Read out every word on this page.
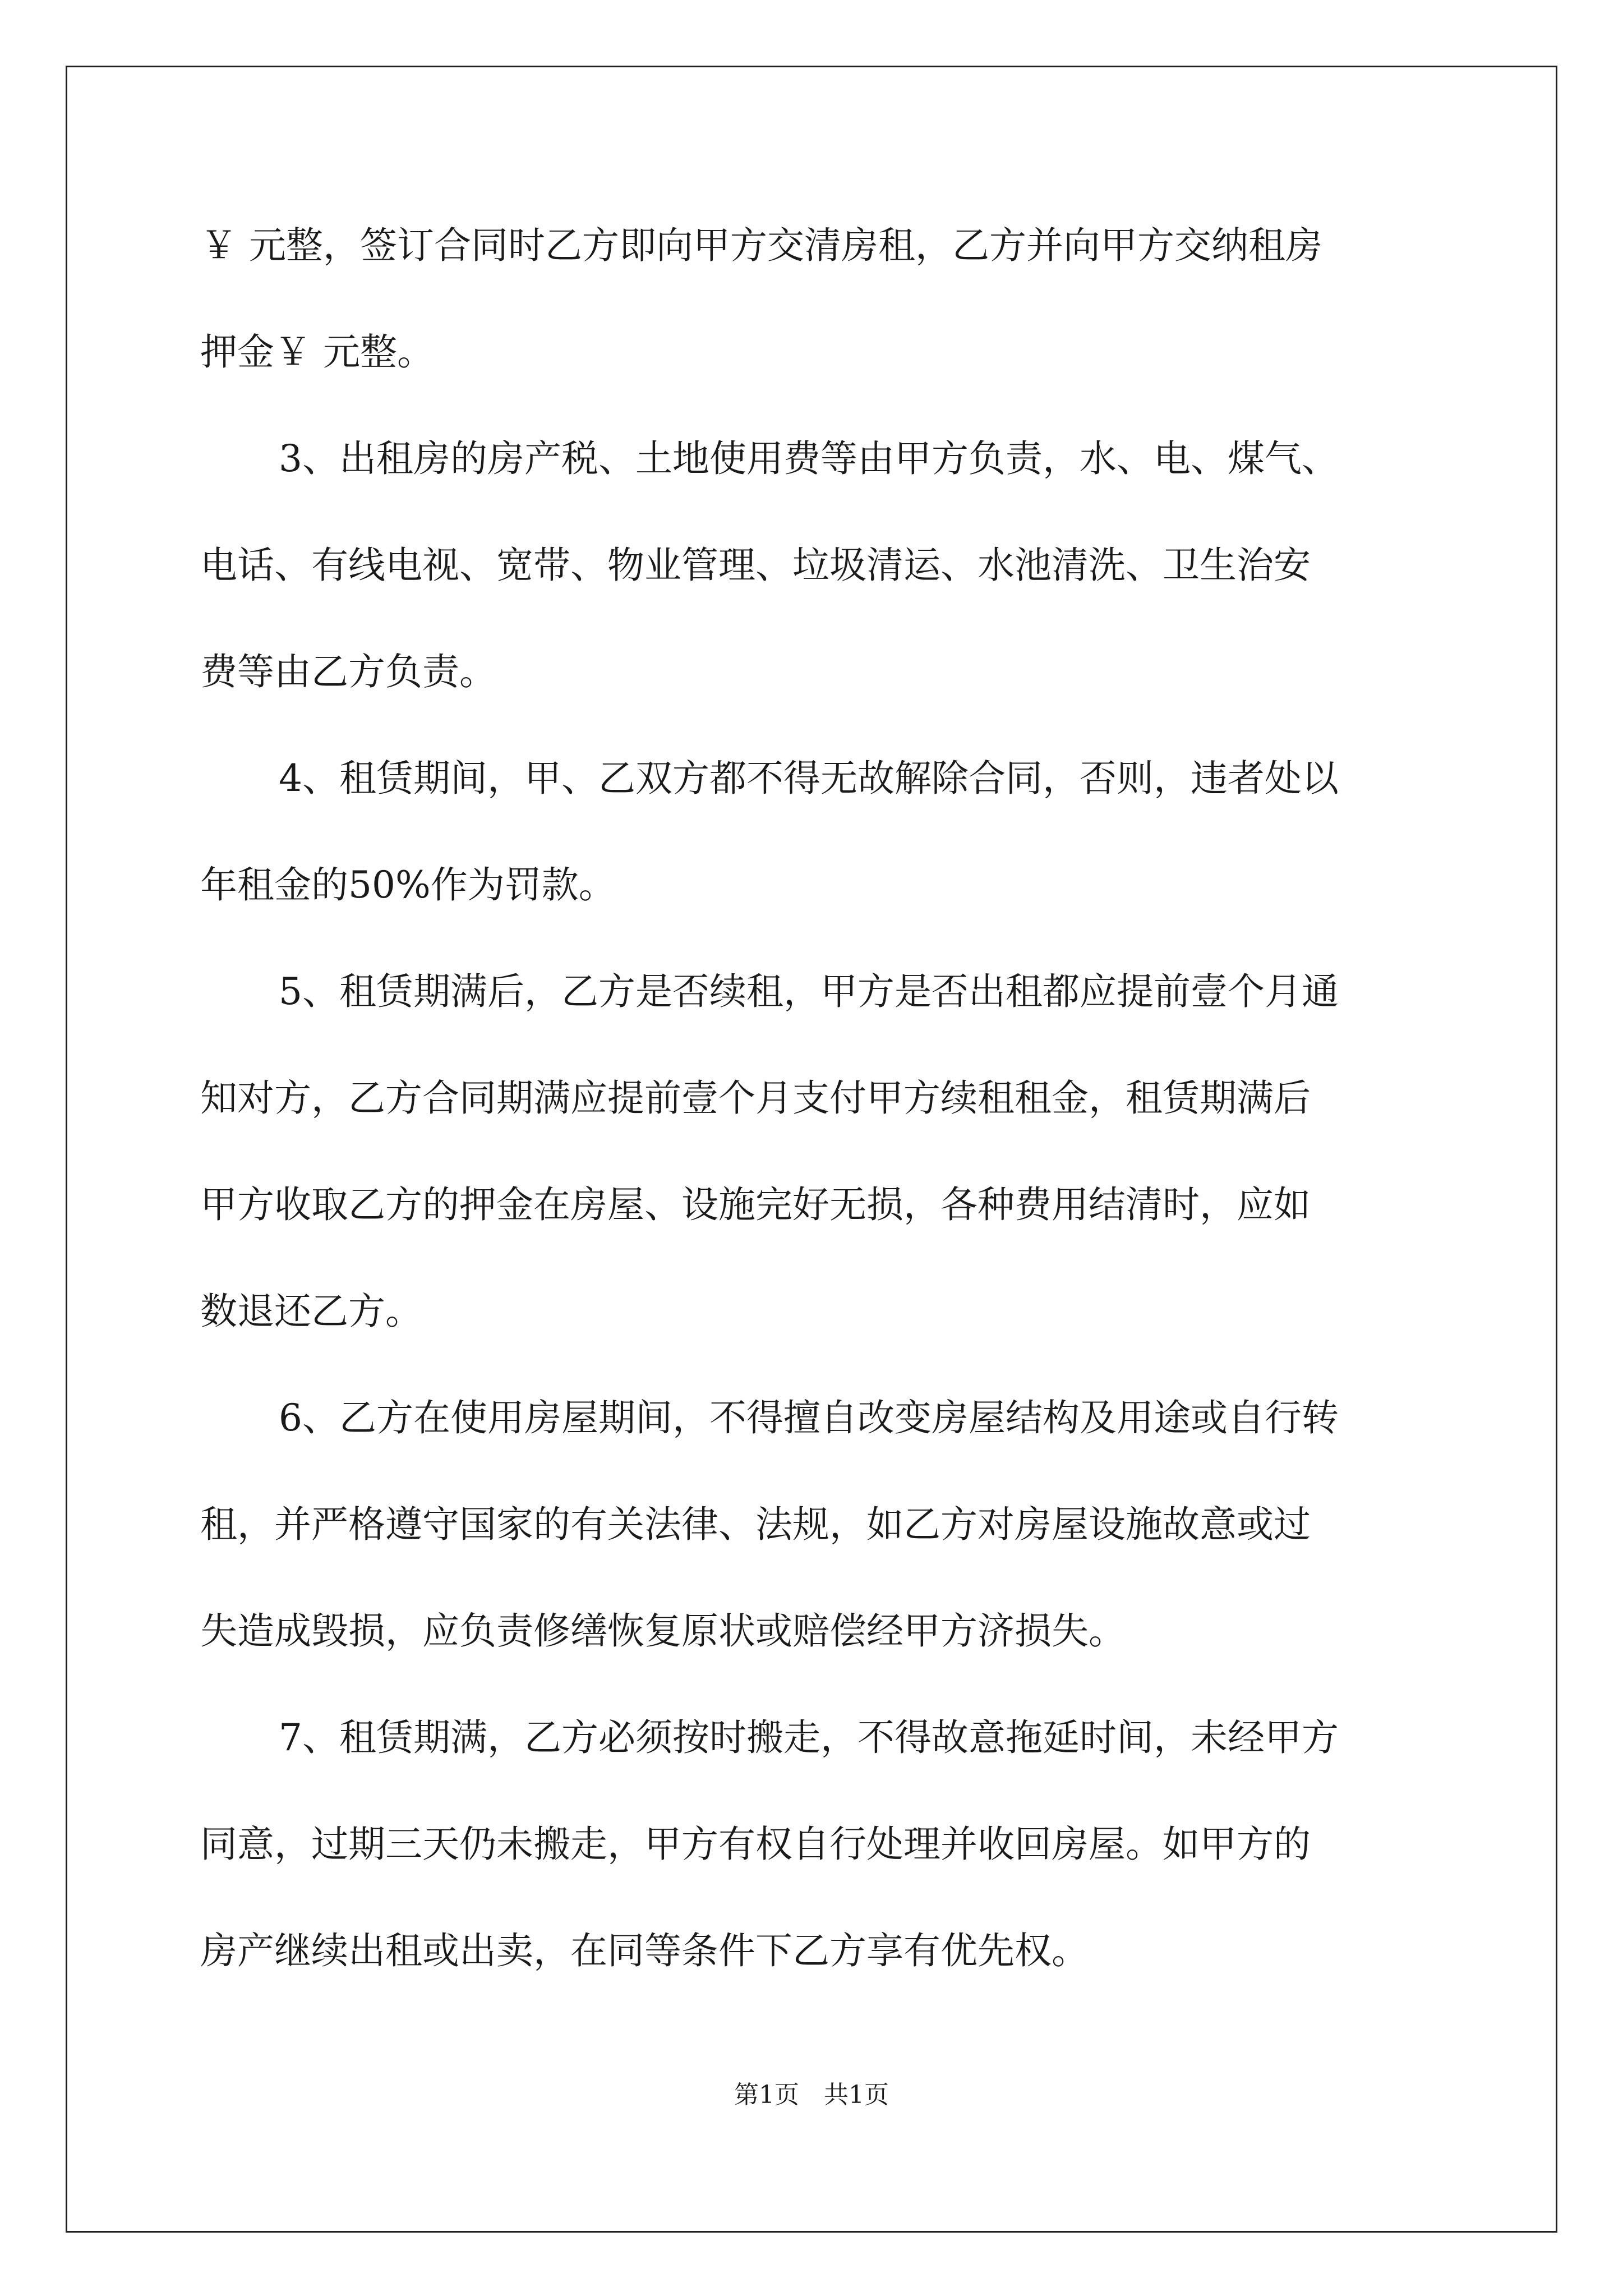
￥ 元整，签订合同时乙方即向甲方交清房租，乙方并向甲方交纳租房
押金￥ 元整。
3、出租房的房产税、土地使用费等由甲方负责，水、电、煤气、
电话、有线电视、宽带、物业管理、垃圾清运、水池清洗、卫生治安
费等由乙方负责。
4、租赁期间，甲、乙双方都不得无故解除合同，否则，违者处以
年租金的50%作为罚款。
5、租赁期满后，乙方是否续租，甲方是否出租都应提前壹个月通
知对方，乙方合同期满应提前壹个月支付甲方续租租金，租赁期满后
甲方收取乙方的押金在房屋、设施完好无损，各种费用结清时，应如
数退还乙方。
6、乙方在使用房屋期间，不得擅自改变房屋结构及用途或自行转
租，并严格遵守国家的有关法律、法规，如乙方对房屋设施故意或过
失造成毁损，应负责修缮恢复原状或赔偿经甲方济损失。
7、租赁期满，乙方必须按时搬走，不得故意拖延时间，未经甲方
同意，过期三天仍未搬走，甲方有权自行处理并收回房屋。如甲方的
房产继续出租或出卖，在同等条件下乙方享有优先权。
第1页　共1页
